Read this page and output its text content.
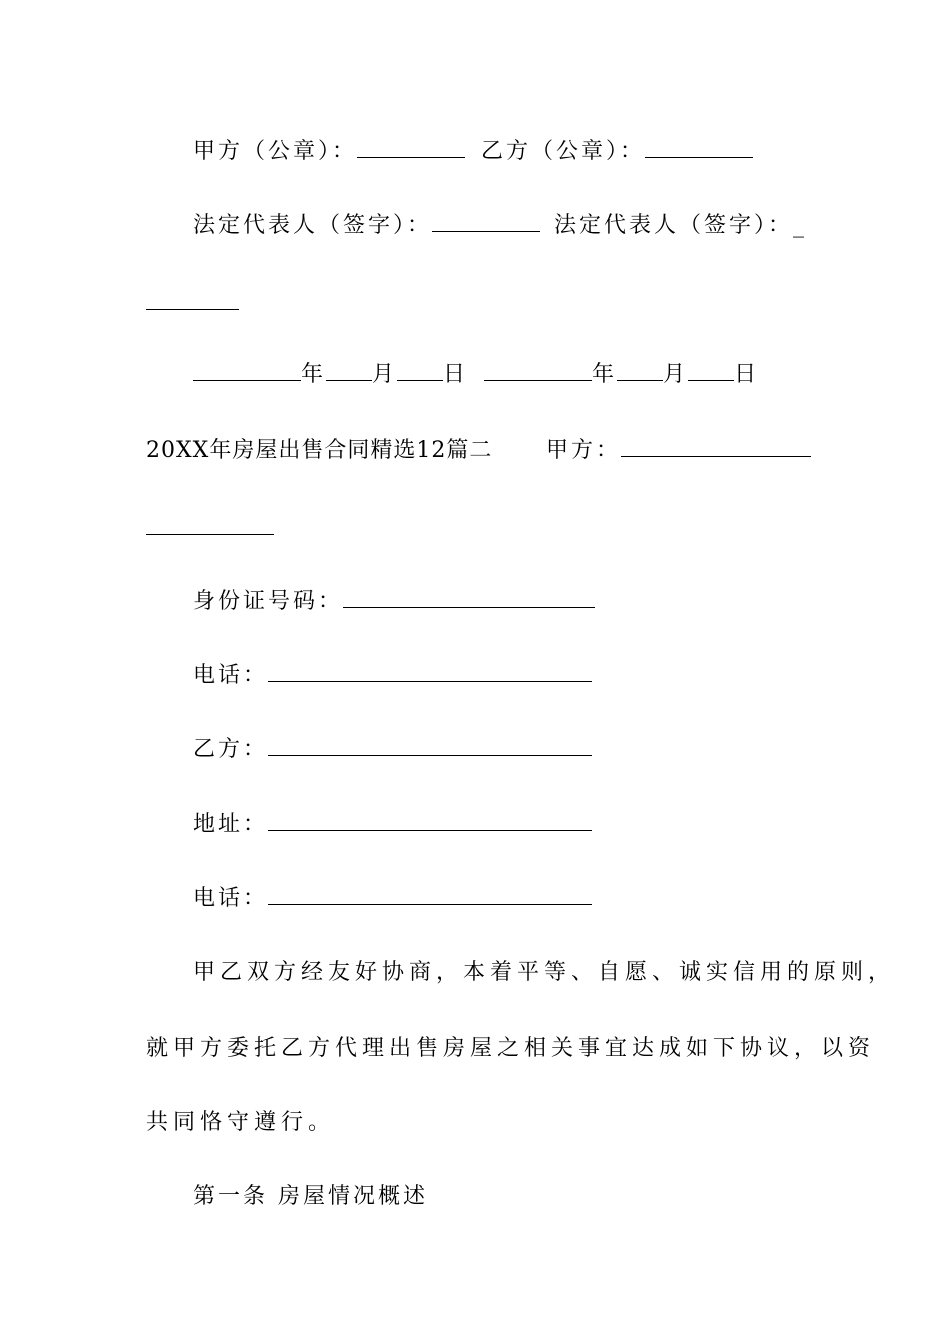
甲方（公章）：	乙方（公章）：
法定代表人（签字）：	法定代表人（签字）：_
年 月 日	年 月 日
20XX年房屋出售合同精选12篇二 甲方：
身份证号码：
电话：
乙方：
地址：
电话：
甲乙双方经友好协商，本着平等、自愿、诚实信用的原则，
就甲方委托乙方代理出售房屋之相关事宜达成如下协议，以资
共同恪守遵行。
第一条 房屋情况概述
